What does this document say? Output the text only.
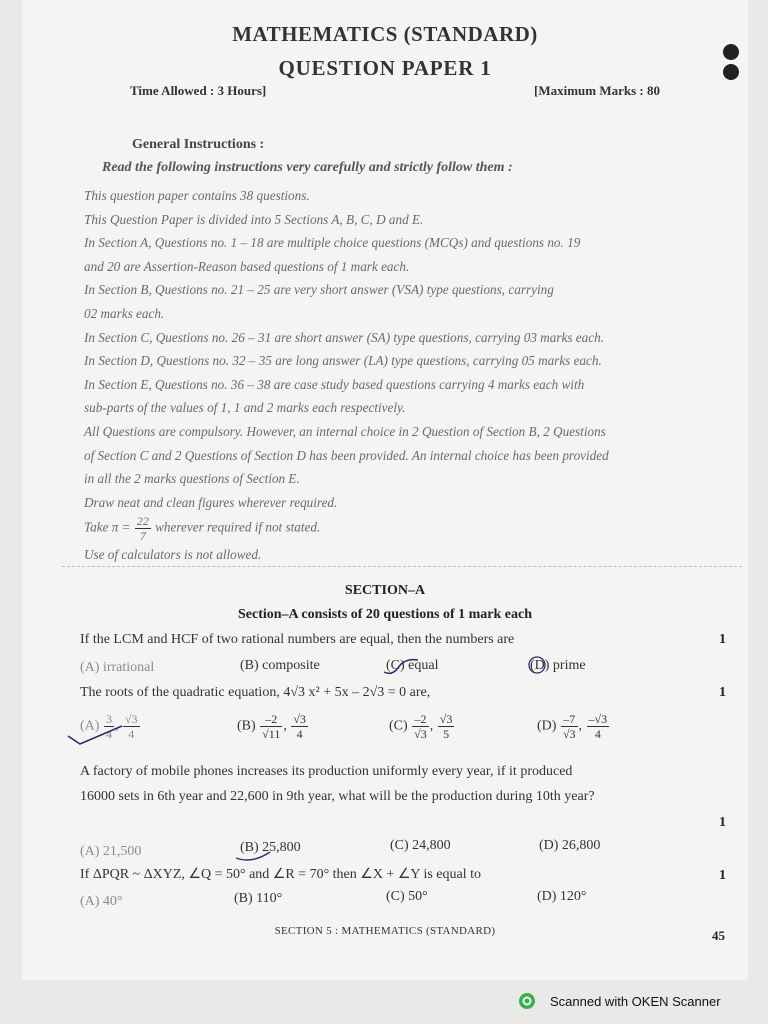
MATHEMATICS (STANDARD)
QUESTION PAPER 1
Time Allowed : 3 Hours]	[Maximum Marks : 80
General Instructions :
Read the following instructions very carefully and strictly follow them :
This question paper contains 38 questions.
This Question Paper is divided into 5 Sections A, B, C, D and E.
In Section A, Questions no. 1 – 18 are multiple choice questions (MCQs) and questions no. 19
and 20 are Assertion-Reason based questions of 1 mark each.
In Section B, Questions no. 21 – 25 are very short answer (VSA) type questions, carrying
02 marks each.
In Section C, Questions no. 26 – 31 are short answer (SA) type questions, carrying 03 marks each.
In Section D, Questions no. 32 – 35 are long answer (LA) type questions, carrying 05 marks each.
In Section E, Questions no. 36 – 38 are case study based questions carrying 4 marks each with
sub-parts of the values of 1, 1 and 2 marks each respectively.
All Questions are compulsory. However, an internal choice in 2 Question of Section B, 2 Questions
of Section C and 2 Questions of Section D has been provided. An internal choice has been provided
in all the 2 marks questions of Section E.
Draw neat and clean figures wherever required.
Take $\pi = \frac{22}{7}$ wherever required if not stated.
Use of calculators is not allowed.
SECTION–A
Section–A consists of 20 questions of 1 mark each
If the LCM and HCF of two rational numbers are equal, then the numbers are	1
(A) irrational	(B) composite	(C) equal	(D) prime
The roots of the quadratic equation, 4√3 x² + 5x – 2√3 = 0 are,	1
$(A) \frac{3}{4}$ , $\frac{√3}{4}$	$(B) \frac{-2}{√11}$ , $\frac{√3}{4}$	$(C) \frac{-2}{√3}$ , $\frac{√3}{5}$	$(D) \frac{-7}{√3}$ , $\frac{-√3}{4}$
A factory of mobile phones increases its production uniformly every year, if it produced
16000 sets in 6th year and 22,600 in 9th year, what will be the production during 10th year?
1
(A) 21,500	(B) 25,800	(C) 24,800	(D) 26,800
If ΔPQR ~ ΔXYZ, ∠Q = 50° and ∠R = 70° then ∠X + ∠Y is equal to	1
(A) 40°	(B) 110°	(C) 50°	(D) 120°
SECTION 5 : MATHEMATICS (STANDARD)	45
Scanned with OKEN Scanner
